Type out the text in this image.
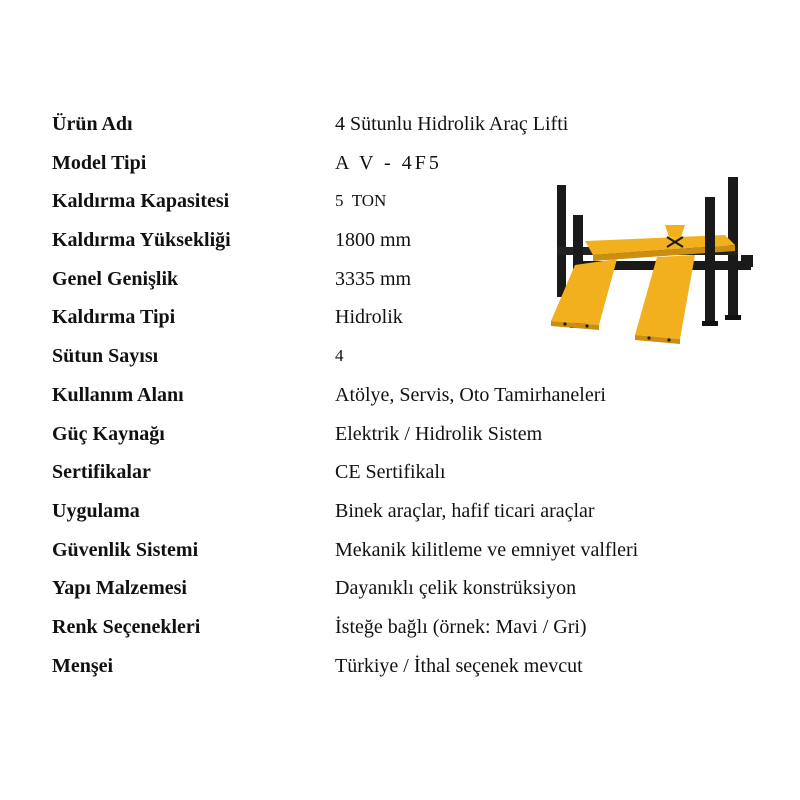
Ürün Adı	4 Sütunlu Hidrolik Araç Lifti
Model Tipi	A V - 4F5
Kaldırma Kapasitesi	5  TON
Kaldırma Yüksekliği	1800 mm
Genel Genişlik	3335 mm
Kaldırma Tipi	Hidrolik
Sütun Sayısı	4
Kullanım Alanı	Atölye, Servis, Oto Tamirhaneleri
Güç Kaynağı	Elektrik / Hidrolik Sistem
Sertifikalar	CE Sertifikalı
Uygulama	Binek araçlar, hafif ticari araçlar
Güvenlik Sistemi	Mekanik kilitleme ve emniyet valfleri
Yapı Malzemesi	Dayanıklı çelik konstrüksiyon
Renk Seçenekleri	İsteğe bağlı (örnek: Mavi / Gri)
Menşei	Türkiye / İthal seçenek mevcut
